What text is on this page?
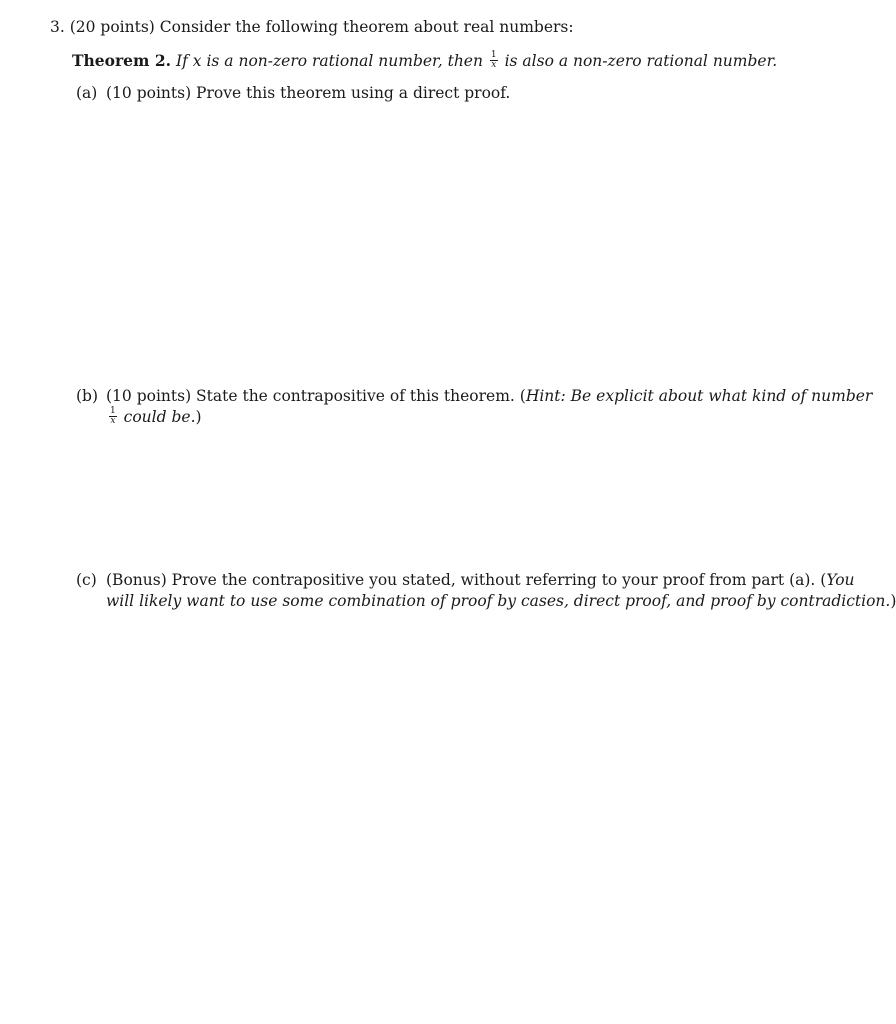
3. (20 points) Consider the following theorem about real numbers:
Theorem 2. If x is a non-zero rational number, then $\frac{1}{x}$ is also a non-zero rational number.
(a) (10 points) Prove this theorem using a direct proof.
(b) (10 points) State the contrapositive of this theorem. (Hint: Be explicit about what kind of number
$\frac{1}{x}$ could be.)
(c) (Bonus) Prove the contrapositive you stated, without referring to your proof from part (a). (You
will likely want to use some combination of proof by cases, direct proof, and proof by contradiction.)
